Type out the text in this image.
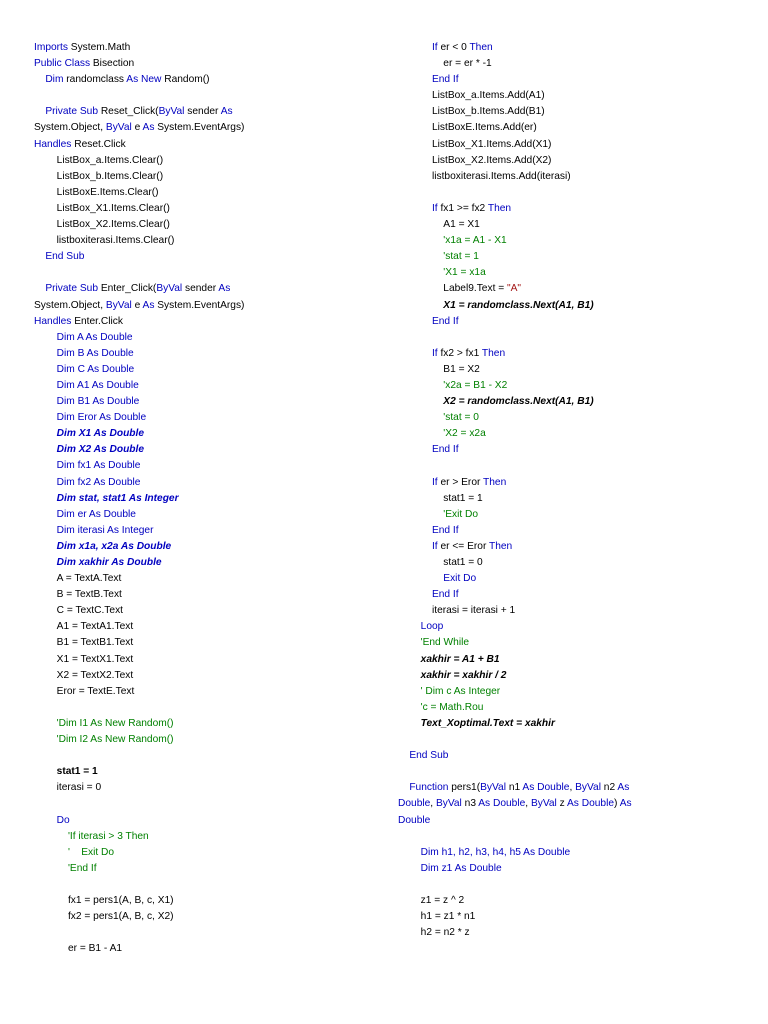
Imports System.Math
Public Class Bisection
Dim randomclass As New Random()

Private Sub Reset_Click(ByVal sender As
System.Object, ByVal e As System.EventArgs)
Handles Reset.Click
ListBox_a.Items.Clear()
ListBox_b.Items.Clear()
ListBoxE.Items.Clear()
ListBox_X1.Items.Clear()
ListBox_X2.Items.Clear()
listboxiterasi.Items.Clear()
End Sub

Private Sub Enter_Click(ByVal sender As
System.Object, ByVal e As System.EventArgs)
Handles Enter.Click
Dim A As Double
Dim B As Double
Dim C As Double
Dim A1 As Double
Dim B1 As Double
Dim Eror As Double
Dim X1 As Double
Dim X2 As Double
Dim fx1 As Double
Dim fx2 As Double
Dim stat, stat1 As Integer
Dim er As Double
Dim iterasi As Integer
Dim x1a, x2a As Double
Dim xakhir As Double
A = TextA.Text
B = TextB.Text
C = TextC.Text
A1 = TextA1.Text
B1 = TextB1.Text
X1 = TextX1.Text
X2 = TextX2.Text
Eror = TextE.Text

'Dim I1 As New Random()
'Dim I2 As New Random()

stat1 = 1
iterasi = 0

Do
'If iterasi > 3 Then
'    Exit Do
'End If

fx1 = pers1(A, B, c, X1)
fx2 = pers1(A, B, c, X2)

er = B1 - A1
If er < 0 Then
er = er * -1
End If
ListBox_a.Items.Add(A1)
ListBox_b.Items.Add(B1)
ListBoxE.Items.Add(er)
ListBox_X1.Items.Add(X1)
ListBox_X2.Items.Add(X2)
listboxiterasi.Items.Add(iterasi)

If fx1 >= fx2 Then
A1 = X1
'x1a = A1 - X1
'stat = 1
'X1 = x1a
Label9.Text = "A"
X1 = randomclass.Next(A1, B1)
End If

If fx2 > fx1 Then
B1 = X2
'x2a = B1 - X2
X2 = randomclass.Next(A1, B1)
'stat = 0
'X2 = x2a
End If

If er > Eror Then
stat1 = 1
'Exit Do
End If
If er <= Eror Then
stat1 = 0
Exit Do
End If
iterasi = iterasi + 1
Loop
'End While
xakhir = A1 + B1
xakhir = xakhir / 2
' Dim c As Integer
'c = Math.Rou
Text_Xoptimal.Text = xakhir

End Sub

Function pers1(ByVal n1 As Double, ByVal n2 As
Double, ByVal n3 As Double, ByVal z As Double) As
Double

Dim h1, h2, h3, h4, h5 As Double
Dim z1 As Double

z1 = z ^ 2
h1 = z1 * n1
h2 = n2 * z
